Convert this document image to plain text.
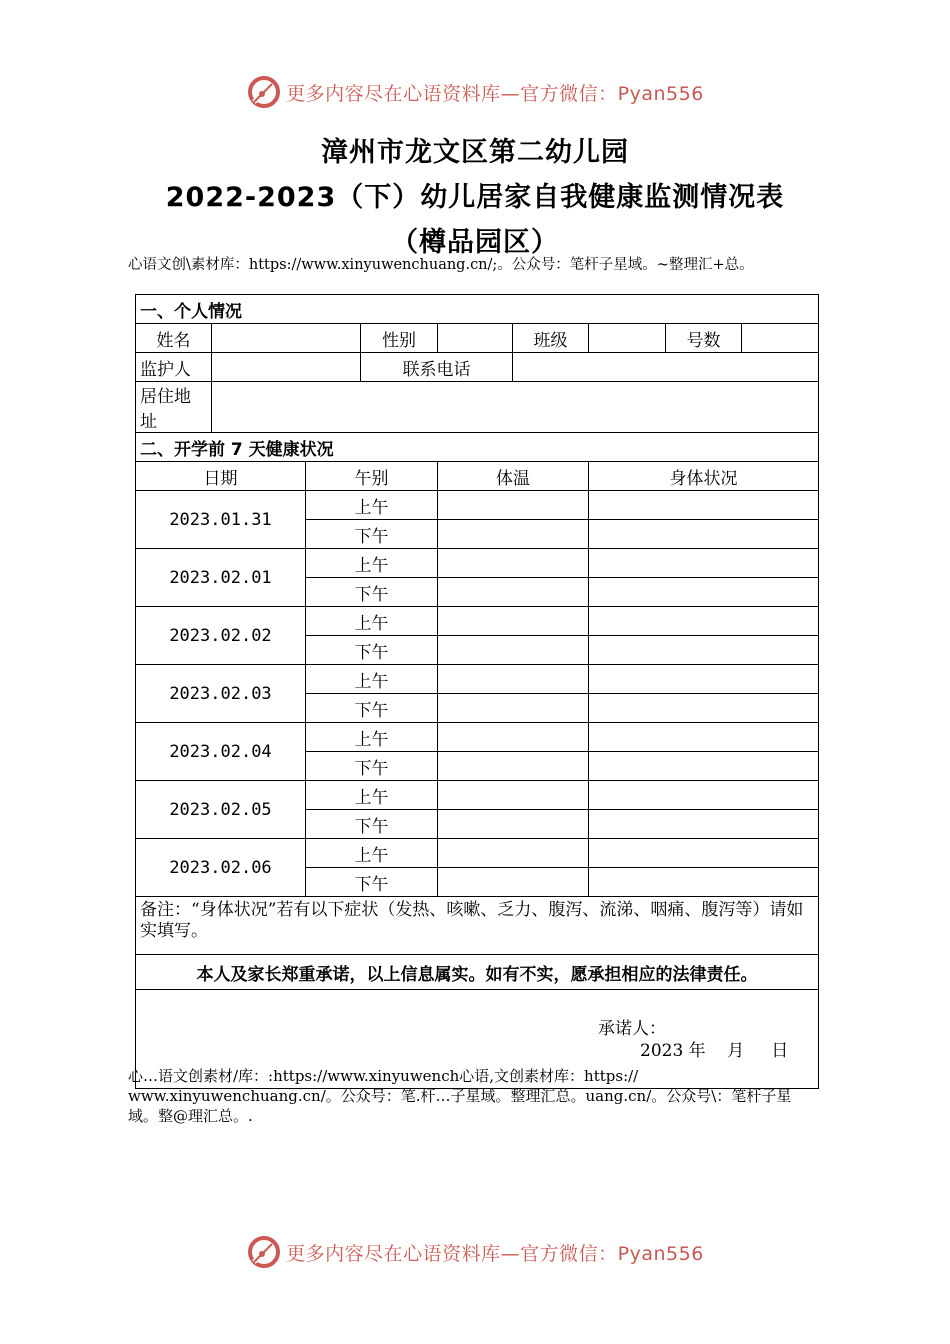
更多内容尽在心语资料库—官方微信：Pyan556
漳州市龙文区第二幼儿园
2022-2023（下）幼儿居家自我健康监测情况表
（樽品园区）
心语文创\素材库：https://www.xinyuwenchuang.cn/;。公众号：笔杆子星域。~整理汇+总。
一、个人情况								
姓名			性别		班级		号数	
监护人			联系电话					
居住地址								
二、开学前 7 天健康状况								
日期		午别		体温		身体状况		
2023.01.31		上午						
		下午						
2023.02.01		上午						
		下午						
2023.02.02		上午						
		下午						
2023.02.03		上午						
		下午						
2023.02.04		上午						
		下午						
2023.02.05		上午						
		下午						
2023.02.06		上午						
		下午						
备注：“身体状况”若有以下症状（发热、咳嗽、乏力、腹泻、流涕、咽痛、腹泻等）请如实填写。								
本人及家长郑重承诺，以上信息属实。如有不实，愿承担相应的法律责任。								

承诺人：
2023 年    月     日								
心…语文创素材/库：:https://www.xinyuwench心语,文创素材库：https:// www.xinyuwenchuang.cn/。公众号：笔.杆…子星域。整理汇总。uang.cn/。公众号\：笔杆子星域。整@理汇总。.
更多内容尽在心语资料库—官方微信：Pyan556
